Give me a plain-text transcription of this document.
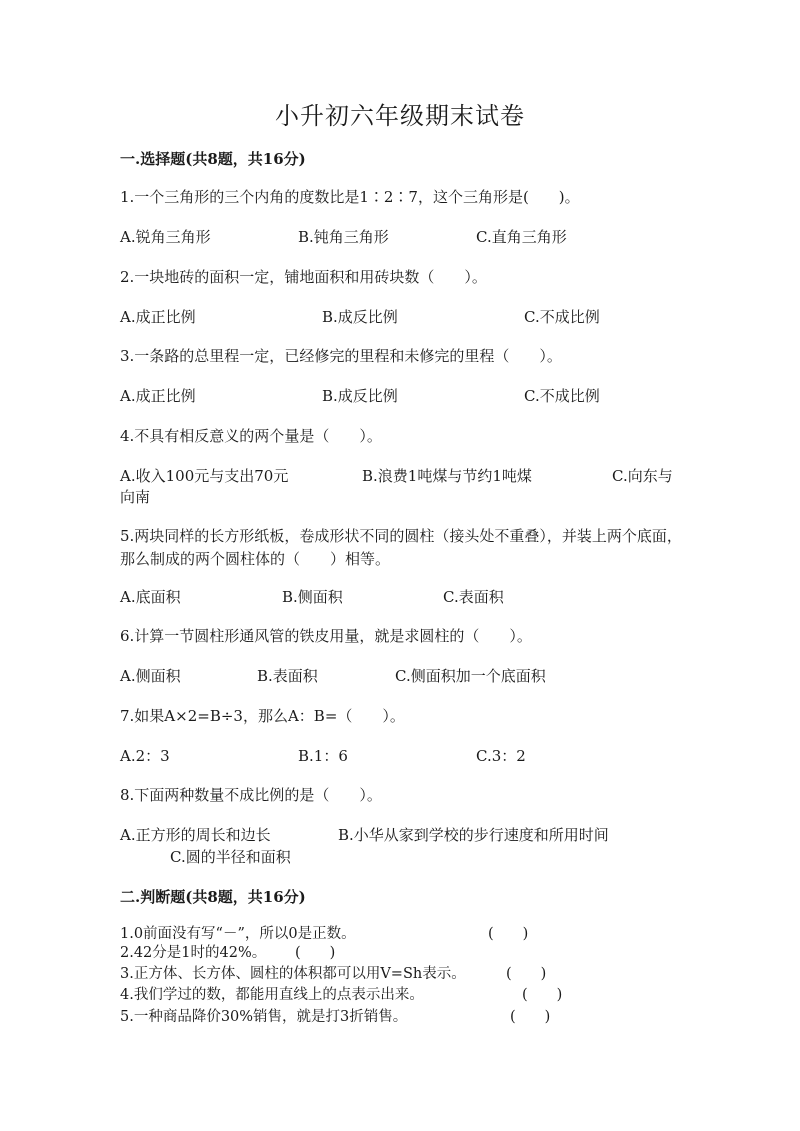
小升初六年级期末试卷
一.选择题(共8题，共16分)
1.一个三角形的三个内角的度数比是1∶2∶7，这个三角形是(　　)。
A.锐角三角形	B.钝角三角形	C.直角三角形
2.一块地砖的面积一定，铺地面积和用砖块数（　　）。
A.成正比例	B.成反比例	C.不成比例
3.一条路的总里程一定，已经修完的里程和未修完的里程（　　）。
A.成正比例	B.成反比例	C.不成比例
4.不具有相反意义的两个量是（　　）。
A.收入100元与支出70元	B.浪费1吨煤与节约1吨煤	C.向东与
向南
5.两块同样的长方形纸板，卷成形状不同的圆柱（接头处不重叠），并装上两个底面，那么制成的两个圆柱体的（　　）相等。
A.底面积	B.侧面积	C.表面积
6.计算一节圆柱形通风管的铁皮用量，就是求圆柱的（　　）。
A.侧面积	B.表面积	C.侧面积加一个底面积
7.如果A×2=B÷3，那么A：B=（　　）。
A.2：3	B.1：6	C.3：2
8.下面两种数量不成比例的是（　　）。
A.正方形的周长和边长	B.小华从家到学校的步行速度和所用时间
C.圆的半径和面积
二.判断题(共8题，共16分)
1.0前面没有写“－”，所以0是正数。	(　　)
2.42分是1时的42%。 (　　)
3.正方体、长方体、圆柱的体积都可以用V=Sh表示。	(　　)
4.我们学过的数，都能用直线上的点表示出来。	(　　)
5.一种商品降价30%销售，就是打3折销售。	(　　)
